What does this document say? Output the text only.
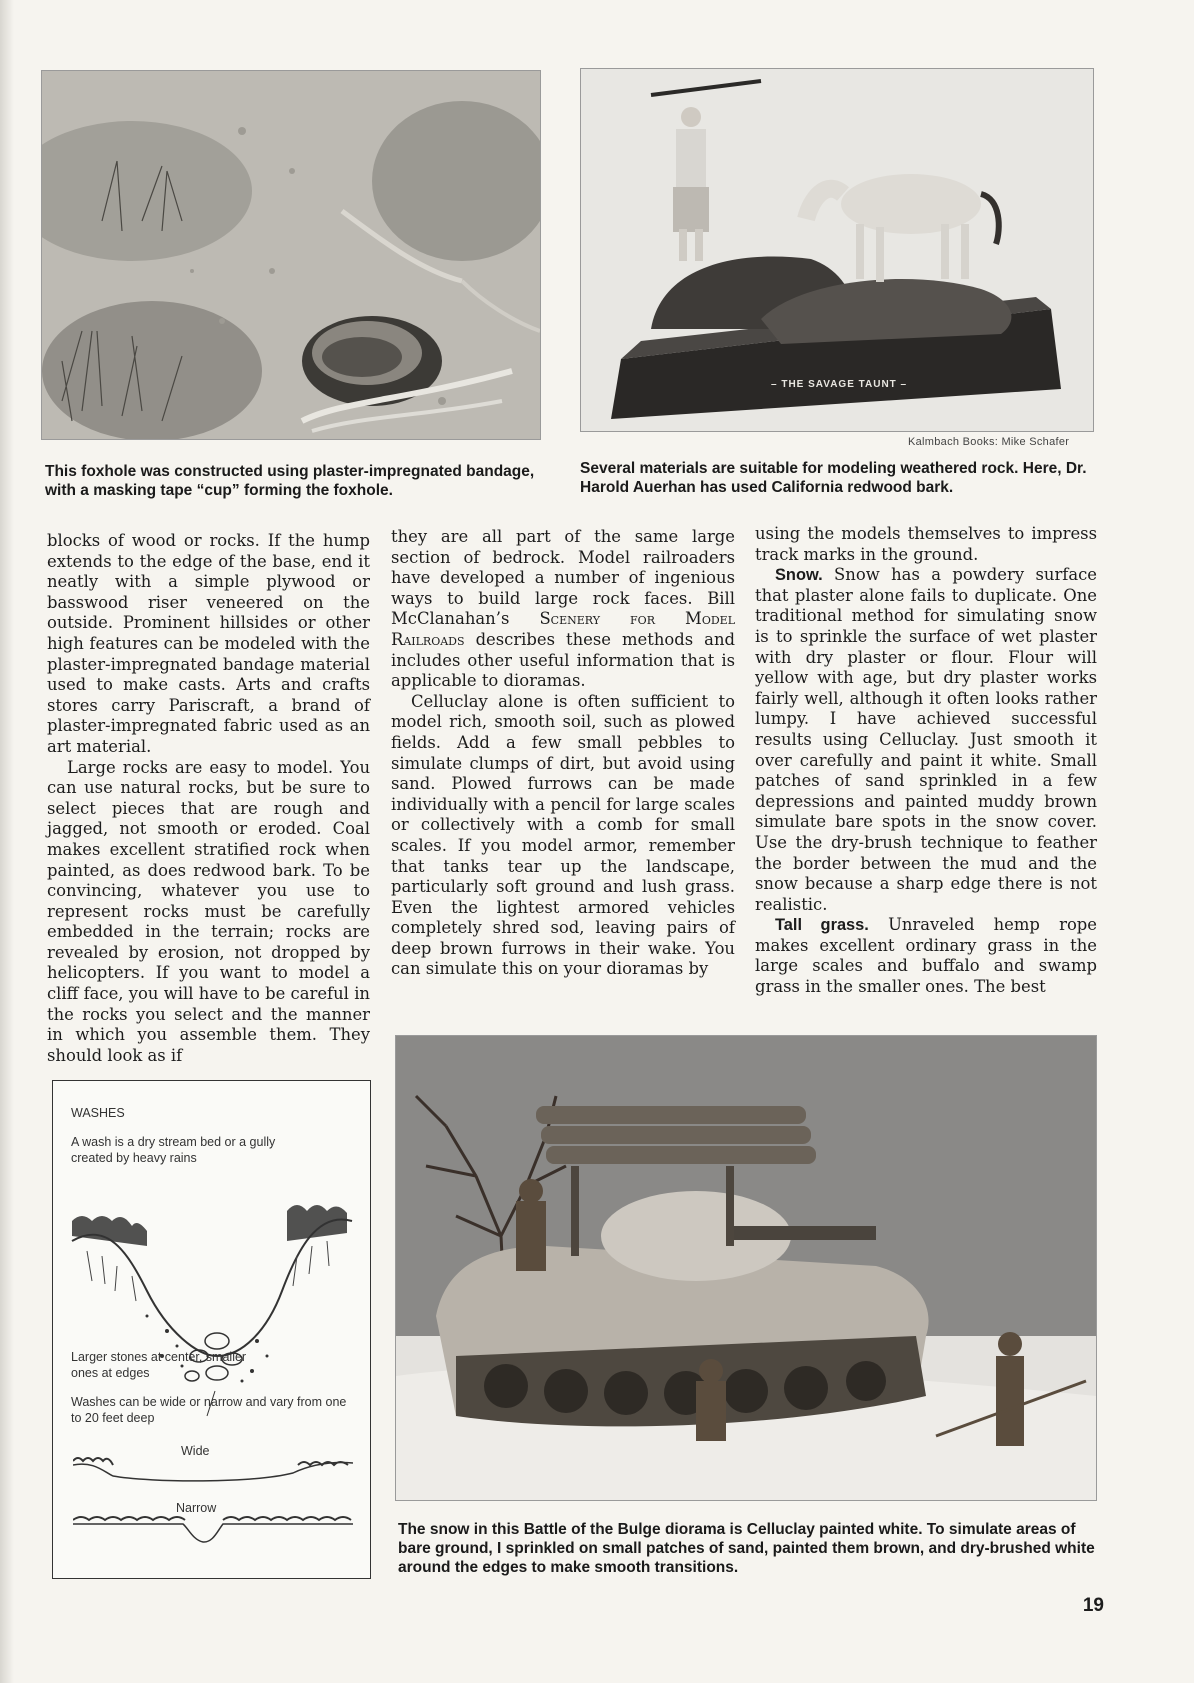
This foxhole was constructed using plaster-impregnated bandage, with a masking tape “cup” forming the foxhole.
– THE SAVAGE TAUNT –
Kalmbach Books: Mike Schafer
Several materials are suitable for modeling weathered rock. Here, Dr. Harold Auerhan has used California redwood bark.

blocks of wood or rocks. If the hump extends to the edge of the base, end it neatly with a simple plywood or basswood riser veneered on the outside. Prominent hillsides or other high features can be modeled with the plaster-impregnated bandage material used to make casts. Arts and crafts stores carry Pariscraft, a brand of plaster-impregnated fabric used as an art material.

Large rocks are easy to model. You can use natural rocks, but be sure to select pieces that are rough and jagged, not smooth or eroded. Coal makes excellent stratified rock when painted, as does redwood bark. To be convincing, whatever you use to represent rocks must be carefully embedded in the terrain; rocks are revealed by erosion, not dropped by helicopters. If you want to model a cliff face, you will have to be careful in the rocks you select and the manner in which you assemble them. They should look as if

they are all part of the same large section of bedrock. Model railroaders have developed a number of ingenious ways to build large rock faces. Bill McClanahan’s Scenery for Model Railroads describes these methods and includes other useful information that is applicable to dioramas.

Celluclay alone is often sufficient to model rich, smooth soil, such as plowed fields. Add a few small pebbles to simulate clumps of dirt, but avoid using sand. Plowed furrows can be made individually with a pencil for large scales or collectively with a comb for small scales. If you model armor, remember that tanks tear up the landscape, particularly soft ground and lush grass. Even the lightest armored vehicles completely shred sod, leaving pairs of deep brown furrows in their wake. You can simulate this on your dioramas by

using the models themselves to impress track marks in the ground.

Snow. Snow has a powdery surface that plaster alone fails to duplicate. One traditional method for simulating snow is to sprinkle the surface of wet plaster with dry plaster or flour. Flour will yellow with age, but dry plaster works fairly well, although it often looks rather lumpy. I have achieved successful results using Celluclay. Just smooth it over carefully and paint it white. Small patches of sand sprinkled in a few depressions and painted muddy brown simulate bare spots in the snow cover. Use the dry-brush technique to feather the border between the mud and the snow because a sharp edge there is not realistic.

Tall grass. Unraveled hemp rope makes excellent ordinary grass in the large scales and buffalo and swamp grass in the smaller ones. The best

WASHES
A wash is a dry stream bed or a gully created by heavy rains
Larger stones at center, smaller ones at edges
Washes can be wide or narrow and vary from one to 20 feet deep
Wide
Narrow
The snow in this Battle of the Bulge diorama is Celluclay painted white. To simulate areas of bare ground, I sprinkled on small patches of sand, painted them brown, and dry-brushed white around the edges to make smooth transitions.
19
